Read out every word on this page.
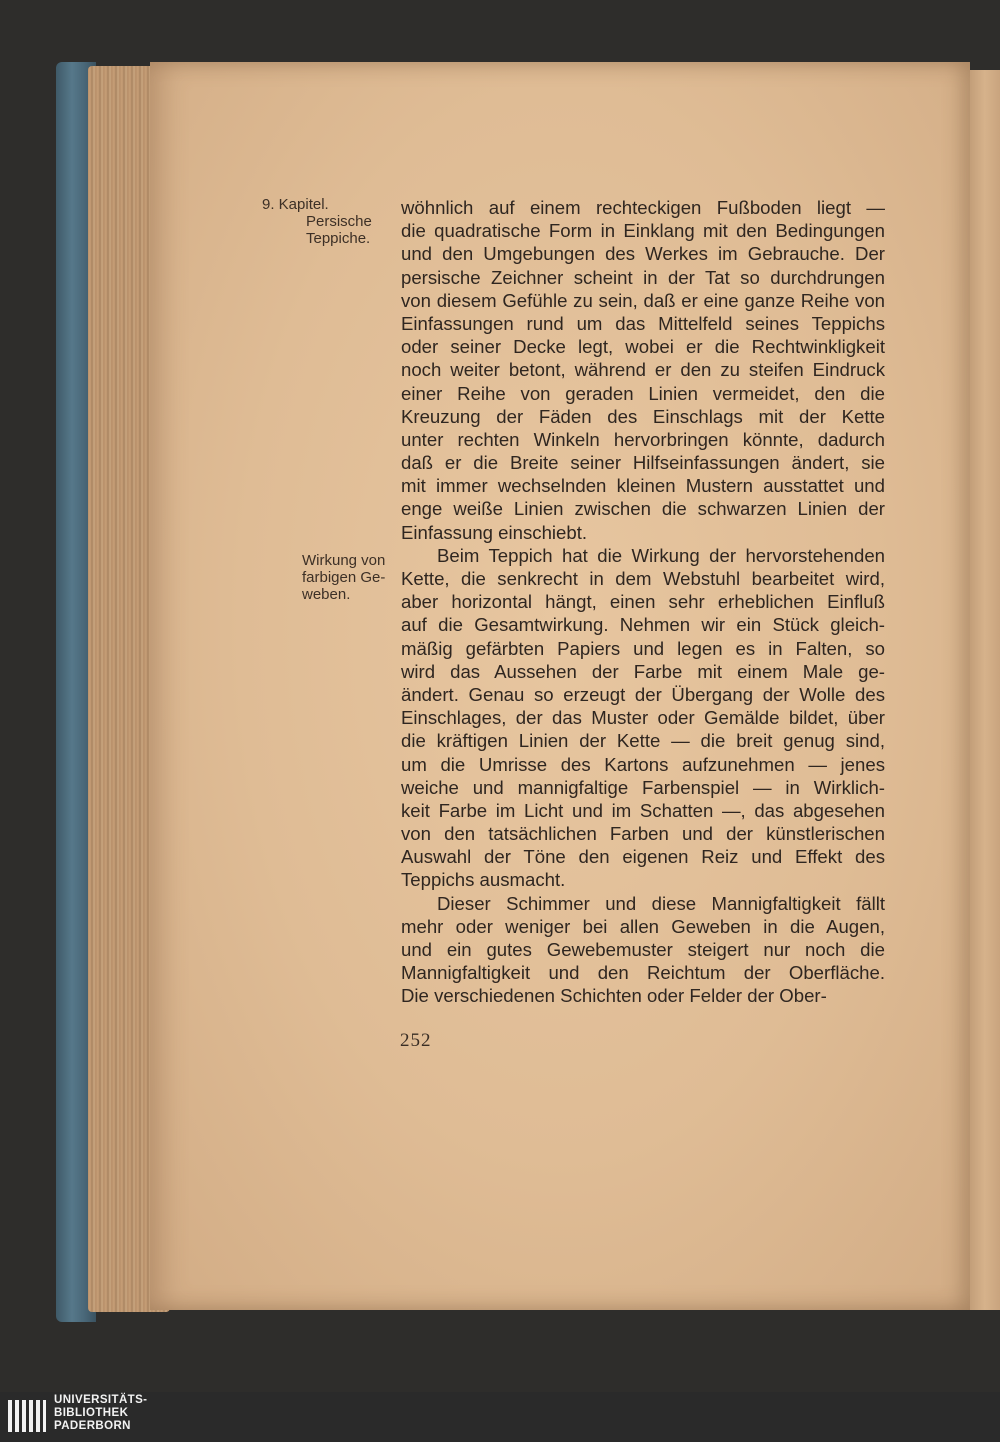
9. Kapitel.
Persische
Teppiche.
Wirkung von
farbigen Ge-
weben.
wöhnlich auf einem rechteckigen Fußboden liegt —
die quadratische Form in Einklang mit den Bedingungen
und den Umgebungen des Werkes im Gebrauche. Der
persische Zeichner scheint in der Tat so durchdrungen
von diesem Gefühle zu sein, daß er eine ganze Reihe von
Einfassungen rund um das Mittelfeld seines Teppichs
oder seiner Decke legt, wobei er die Rechtwinkligkeit
noch weiter betont, während er den zu steifen Eindruck
einer Reihe von geraden Linien vermeidet, den die
Kreuzung der Fäden des Einschlags mit der Kette
unter rechten Winkeln hervorbringen könnte, dadurch
daß er die Breite seiner Hilfseinfassungen ändert, sie
mit immer wechselnden kleinen Mustern ausstattet und
enge weiße Linien zwischen die schwarzen Linien der
Einfassung einschiebt.
Beim Teppich hat die Wirkung der hervorstehenden
Kette, die senkrecht in dem Webstuhl bearbeitet wird,
aber horizontal hängt, einen sehr erheblichen Einfluß
auf die Gesamtwirkung. Nehmen wir ein Stück gleich-
mäßig gefärbten Papiers und legen es in Falten, so
wird das Aussehen der Farbe mit einem Male ge-
ändert. Genau so erzeugt der Übergang der Wolle des
Einschlages, der das Muster oder Gemälde bildet, über
die kräftigen Linien der Kette — die breit genug sind,
um die Umrisse des Kartons aufzunehmen — jenes
weiche und mannigfaltige Farbenspiel — in Wirklich-
keit Farbe im Licht und im Schatten —, das abgesehen
von den tatsächlichen Farben und der künstlerischen
Auswahl der Töne den eigenen Reiz und Effekt des
Teppichs ausmacht.
Dieser Schimmer und diese Mannigfaltigkeit fällt
mehr oder weniger bei allen Geweben in die Augen,
und ein gutes Gewebemuster steigert nur noch die
Mannigfaltigkeit und den Reichtum der Oberfläche.
Die verschiedenen Schichten oder Felder der Ober-
252
UNIVERSITÄTS-
BIBLIOTHEK
PADERBORN
